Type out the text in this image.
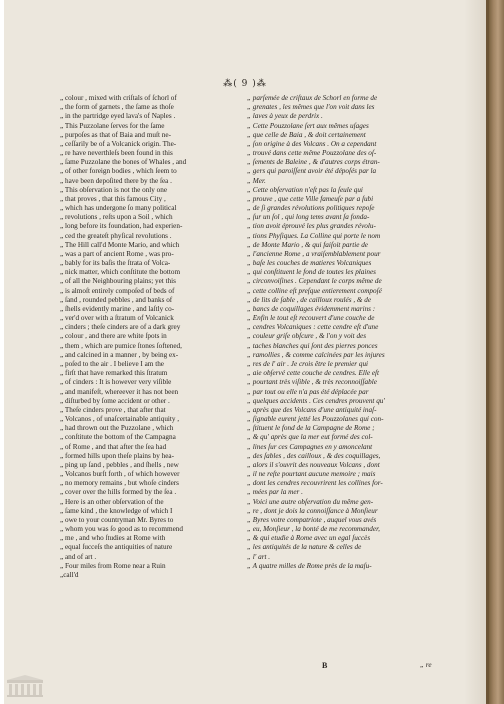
⁂( 9 )⁂
„ colour , mixed with criſtals of ſchorl of
„ the form of garnets , the ſame as thoſe
„ in the partridge eyed lava's of Naples .
„ This Puzzolane ſerves for the ſame
„ purpoſes as that of Baia and muſt ne-
„ ceſſarily be of a Volcanick origin. The-
„ re have neverthleſs been found in this
„ ſame Puzzolane the bones of Whales , and
„ of other foreign bodies , which ſeem to
„ have been depoſited there by the ſea .
„ This obſervation is not the only one
„ that proves , that this famous City ,
„ which has undergone ſo many political
„ revolutions , reſts upon a Soil , which
„ long before its foundation, had experien-
„ ced the greateſt phyſical revolutions .
„ The Hill call'd Monte Mario, and which
„ was a part of ancient Rome , was pro-
„ bably for its baſis the ſtrata of Volca-
„ nick matter, which conſtitute the bottom
„ of all the Neighbouring plains; yet this
„ is almoſt entirely compoſed of beds of
„ ſand , rounded pebbles , and banks of
„ ſhells evidently marine , and laſtly co-
„ ver'd over with a ſtratum of Volcanick
„ cinders ; theſe cinders are of a dark grey
„ colour , and there are white ſpots in
„ them , which are pumice ſtones ſoftened,
„ and calcined in a manner , by being ex-
„ poſed to the air . I believe I am the
„ firſt that have remarked this ſtratum
„ of cinders : It is however very viſible
„ and manifeſt, whereever it has not been
„ diſturbed by ſome accident or other .
„ Theſe cinders prove , that after that
„ Volcanos , of unaſcertainable antiquity ,
„ had thrown out the Puzzolane , which
„ conſtitute the bottom of the Campagna
„ of Rome , and that after the ſea had
„ formed hills upon theſe plains by hea-
„ ping up ſand , pebbles , and ſhells , new
„ Volcanos burſt forth , of which however
„ no memory remains , but whoſe cinders
„ cover over the hills formed by the ſea .
„ Here is an other obſervation of the
„ ſame kind , the knowledge of which I
„ owe to your countryman Mr. Byres to
„ whom you was ſo good as to recommend
„ me , and who ſtudies at Rome with
„ equal ſucceſs the antiquities of nature
„ and of art .
„ Four miles from Rome near a Ruin
„call'd
„ parſemée de criſtaux de Schorl en forme de
„ grenates , les mêmes que l'on voit dans les
„ laves à yeux de perdrix .
„ Cette Pouzzolane ſert aux mêmes uſages
„ que celle de Baia , & doit certainement
„ ſon origine à des Volcans . On a cependant
„ trouvé dans cette même Pouzzolane des oſ-
„ ſements de Baleine , & d'autres corps étran-
„ gers qui paroiſſent avoir été dépoſés par la
„ Mer.
„ Cette obſervation n'eſt pas la ſeule qui
„ prouve , que cette Ville fameuſe par a ſubi
„ de ſi grandes révolutions politiques repoſe
„ ſur un ſol , qui long tems avant ſa fonda-
„ tion avoit éprouvé les plus grandes révolu-
„ tions Phyſiques. La Colline qui porte le nom
„ de Monte Mario , & qui faiſoit partie de
„ l'ancienne Rome , a vraiſemblablement pour
„ baſe les couches de matieres Volcaniques
„ qui conſtituent le fond de toutes les plaines
„ circonvoiſines . Cependant le corps même de
„ cette colline eſt preſque entierement compoſé
„ de lits de ſable , de cailloux roulés , & de
„ bancs de coquillages évidemment marins :
„ Enfin le tout eſt recouvert d'une couche de
„ cendres Volcaniques : cette cendre eſt d'une
„ couleur griſe obſcure , & l'on y voit des
„ taches blanches qui ſont des pierres ponces
„ ramollies , & comme calcinées par les injures
„ res de l' air . Je crois être le premier qui
„ aie obſervé cette couche de cendres. Elle eſt
„ pourtant très viſible , & très reconnoiſſable
„ par tout ou elle n'a pas été déplacée par
„ quelques accidents . Ces cendres prouvent qu'
„ après que des Volcans d'une antiquité inaſ-
„ ſignable eurent jetté les Pouzzolanes qui con-
„ ſtituent le fond de la Campagne de Rome ;
„ & qu' après que la mer eut formé des col-
„ lines ſur ces Campagnes en y amoncelant
„ des ſables , des cailloux , & des coquillages,
„ alors il s'ouvrit des nouveaux Volcans , dont
„ il ne reſte pourtant aucune memoire ; mais
„ dont les cendres recouvrirent les collines for-
„ mées par la mer .
„ Voici une autre obſervation du même gen-
„ re , dont je dois la connoiſſance à Monſieur
„ Byres votre compatriote , auquel vous avés
„ eu, Monſieur , la bonté de me recommander,
„ & qui etudie à Rome avec un egal ſuccès
„ les antiquités de la nature & celles de
„ l' art .
„ A quatre milles de Rome près de la maſu-
B	„ re
